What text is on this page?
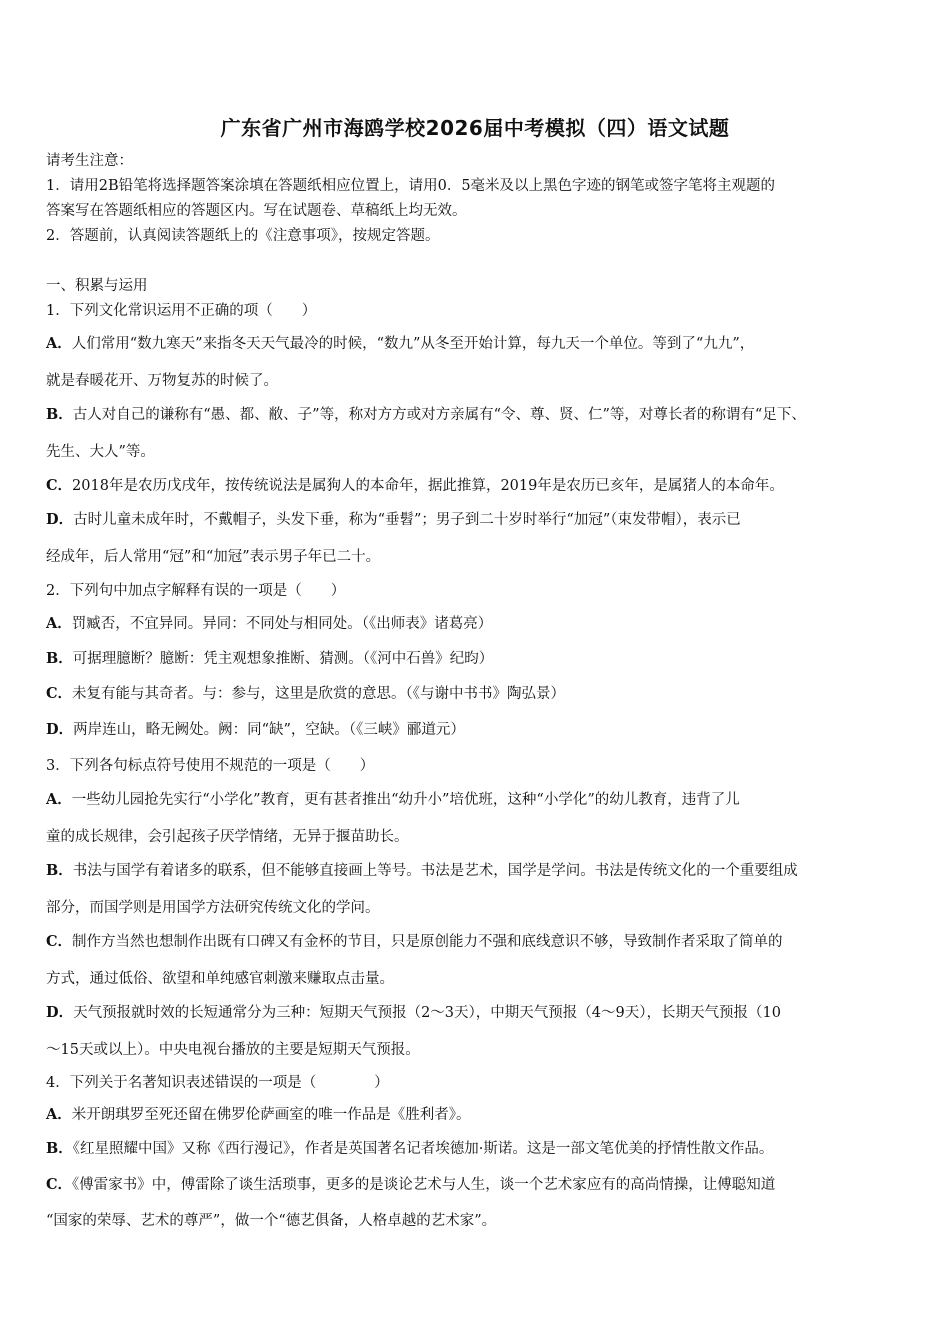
广东省广州市海鸥学校2026届中考模拟（四）语文试题
请考生注意：
1．请用2B铅笔将选择题答案涂填在答题纸相应位置上，请用0．5毫米及以上黑色字迹的钢笔或签字笔将主观题的
答案写在答题纸相应的答题区内。写在试题卷、草稿纸上均无效。
2．答题前，认真阅读答题纸上的《注意事项》，按规定答题。
一、积累与运用
1．下列文化常识运用不正确的项（　　）
A．人们常用“数九寒天”来指冬天天气最冷的时候，“数九”从冬至开始计算，每九天一个单位。等到了“九九”，
就是春暖花开、万物复苏的时候了。
B．古人对自己的谦称有“愚、都、敝、子”等，称对方方或对方亲属有“令、尊、贤、仁”等，对尊长者的称谓有“足下、
先生、大人”等。
C．2018年是农历戊戌年，按传统说法是属狗人的本命年，据此推算，2019年是农历已亥年，是属猪人的本命年。
D．古时儿童未成年时，不戴帽子，头发下垂，称为“垂髫”；男子到二十岁时举行“加冠”（束发带帽），表示已
经成年，后人常用“冠”和“加冠”表示男子年已二十。
2．下列句中加点字解释有误的一项是（　　）
A．罚臧否，不宜异同。异同：不同处与相同处。（《出师表》诸葛亮）
B．可据理臆断？臆断：凭主观想象推断、猜测。（《河中石兽》纪昀）
C．未复有能与其奇者。与：参与，这里是欣赏的意思。（《与谢中书书》陶弘景）
D．两岸连山，略无阙处。阙：同“缺”，空缺。（《三峡》郦道元）
3．下列各句标点符号使用不规范的一项是（　　）
A．一些幼儿园抢先实行“小学化”教育，更有甚者推出“幼升小”培优班，这种“小学化”的幼儿教育，违背了儿
童的成长规律，会引起孩子厌学情绪，无异于揠苗助长。
B．书法与国学有着诸多的联系，但不能够直接画上等号。书法是艺术，国学是学问。书法是传统文化的一个重要组成
部分，而国学则是用国学方法研究传统文化的学问。
C．制作方当然也想制作出既有口碑又有金杯的节目，只是原创能力不强和底线意识不够，导致制作者采取了简单的
方式，通过低俗、欲望和单纯感官刺激来赚取点击量。
D．天气预报就时效的长短通常分为三种：短期天气预报（2～3天），中期天气预报（4～9天），长期天气预报（10
～15天或以上）。中央电视台播放的主要是短期天气预报。
4．下列关于名著知识表述错误的一项是（　　　　）
A．米开朗琪罗至死还留在佛罗伦萨画室的唯一作品是《胜利者》。
B．《红星照耀中国》又称《西行漫记》，作者是英国著名记者埃德加·斯诺。这是一部文笔优美的抒情性散文作品。
C．《傅雷家书》中，傅雷除了谈生活琐事，更多的是谈论艺术与人生，谈一个艺术家应有的高尚情操，让傅聪知道
“国家的荣辱、艺术的尊严”，做一个“德艺俱备，人格卓越的艺术家”。
